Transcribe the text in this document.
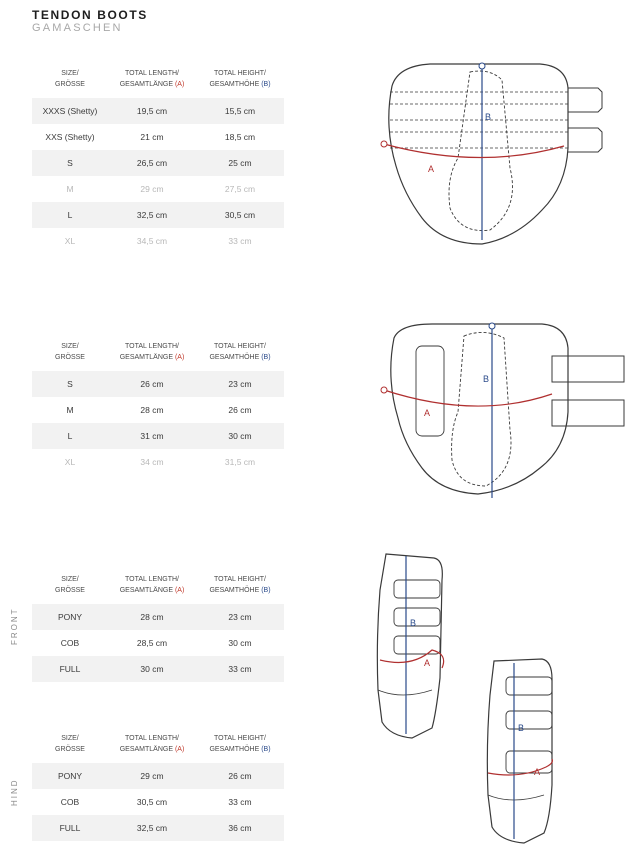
TENDON BOOTS
GAMASCHEN
SIZE/
GRÖSSE
TOTAL LENGTH/
GESAMTLÄNGE (A)
TOTAL HEIGHT/
GESAMTHÖHE (B)
XXXS (Shetty)	19,5 cm	15,5 cm
XXS (Shetty)	21 cm	18,5 cm
S	26,5 cm	25 cm
M	29 cm	27,5 cm
L	32,5 cm	30,5 cm
XL	34,5 cm	33 cm
SIZE/
GRÖSSE
TOTAL LENGTH/
GESAMTLÄNGE (A)
TOTAL HEIGHT/
GESAMTHÖHE (B)
S	26 cm	23 cm
M	28 cm	26 cm
L	31 cm	30 cm
XL	34 cm	31,5 cm
SIZE/
GRÖSSE
TOTAL LENGTH/
GESAMTLÄNGE (A)
TOTAL HEIGHT/
GESAMTHÖHE (B)
PONY	28 cm	23 cm
COB	28,5 cm	30 cm
FULL	30 cm	33 cm
SIZE/
GRÖSSE
TOTAL LENGTH/
GESAMTLÄNGE (A)
TOTAL HEIGHT/
GESAMTHÖHE (B)
PONY	29 cm	26 cm
COB	30,5 cm	33 cm
FULL	32,5 cm	36 cm
FRONT
HIND
A
B
A
B
A
B
A
B
